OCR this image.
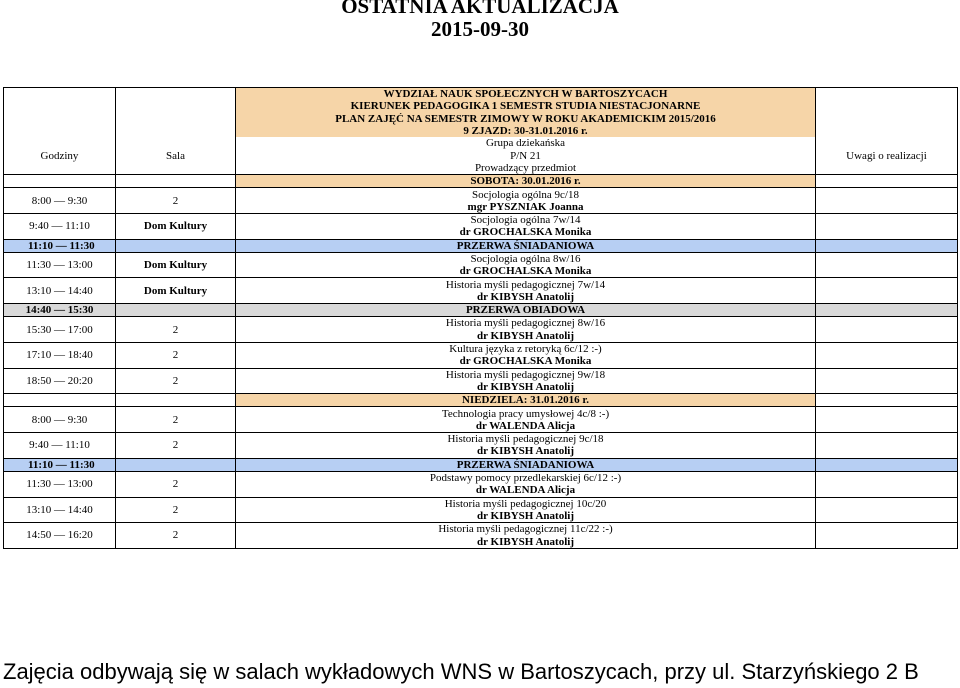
OSTATNIA AKTUALIZACJA
2015-09-30
		WYDZIAŁ NAUK SPOŁECZNYCH W BARTOSZYCACH	
		KIERUNEK PEDAGOGIKA 1 SEMESTR STUDIA NIESTACJONARNE	
		PLAN ZAJĘĆ NA SEMESTR ZIMOWY W ROKU AKADEMICKIM 2015/2016	
		9 ZJAZD: 30-31.01.2016 r.	
Godziny	Sala	Grupa dziekańska	Uwagi o realizacji
		P/N 21	
		Prowadzący przedmiot	
		SOBOTA: 30.01.2016 r.	
8:00 — 9:30	2	Socjologia ogólna 9c/18	
		mgr PYSZNIAK Joanna	
9:40 — 11:10	Dom Kultury	Socjologia ogólna 7w/14	
		dr GROCHALSKA Monika	
11:10 — 11:30		PRZERWA ŚNIADANIOWA	
11:30 — 13:00	Dom Kultury	Socjologia ogólna 8w/16	
		dr GROCHALSKA Monika	
13:10 — 14:40	Dom Kultury	Historia myśli pedagogicznej 7w/14	
		dr KIBYSH Anatolij	
14:40 — 15:30		PRZERWA OBIADOWA	
15:30 — 17:00	2	Historia myśli pedagogicznej 8w/16	
		dr KIBYSH Anatolij	
17:10 — 18:40	2	Kultura języka z retoryką 6c/12 :-)	
		dr GROCHALSKA Monika	
18:50 — 20:20	2	Historia myśli pedagogicznej 9w/18	
		dr KIBYSH Anatolij	
		NIEDZIELA: 31.01.2016 r.	
8:00 — 9:30	2	Technologia pracy umysłowej 4c/8 :-)	
		dr WALENDA Alicja	
9:40 — 11:10	2	Historia myśli pedagogicznej 9c/18	
		dr KIBYSH Anatolij	
11:10 — 11:30		PRZERWA ŚNIADANIOWA	
11:30 — 13:00	2	Podstawy pomocy przedlekarskiej 6c/12 :-)	
		dr WALENDA Alicja	
13:10 — 14:40	2	Historia myśli pedagogicznej 10c/20	
		dr KIBYSH Anatolij	
14:50 — 16:20	2	Historia myśli pedagogicznej 11c/22 :-)	
		dr KIBYSH Anatolij	
Zajęcia odbywają się w salach wykładowych WNS w Bartoszycach, przy ul. Starzyńskiego 2 B
